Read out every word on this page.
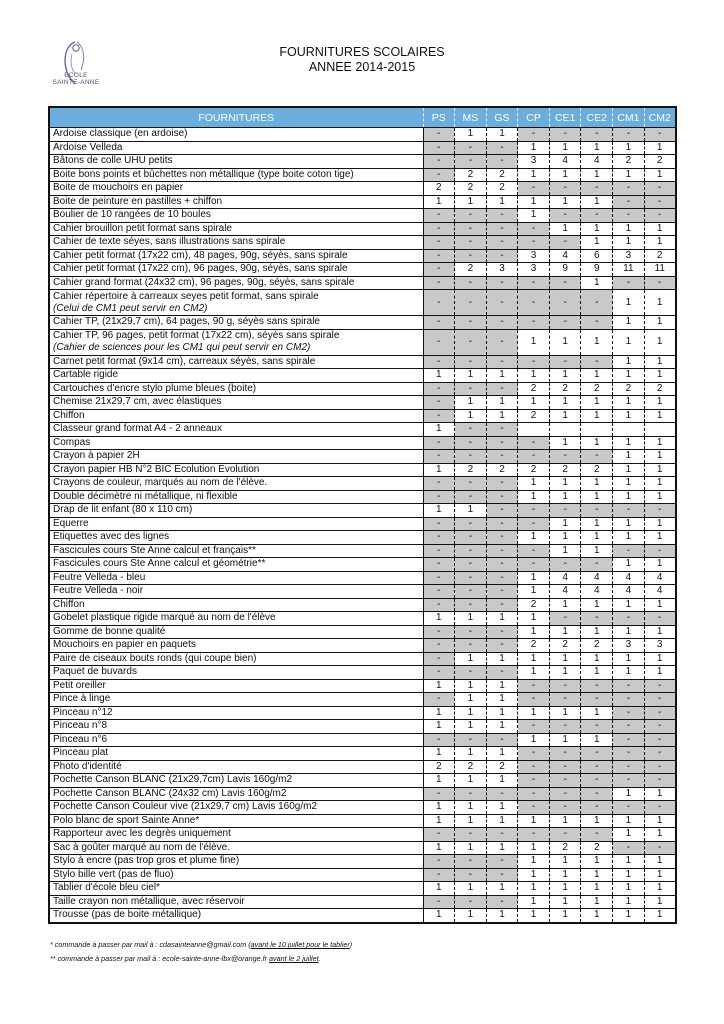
ECOLE
SAINTE-ANNE
FOURNITURES SCOLAIRES
ANNEE 2014-2015
FOURNITURES	PS	MS	GS	CP	CE1	CE2	CM1	CM2

Ardoise classique (en ardoise)	-	1	1	-	-	-	-	-

Ardoise Velleda	-	-	-	1	1	1	1	1

Bâtons de colle UHU petits	-	-	-	3	4	4	2	2

Boite bons points et bûchettes non métallique (type boite coton tige)	-	2	2	1	1	1	1	1

Boite de mouchoirs en papier	2	2	2	-	-	-	-	-

Boite de peinture en pastilles + chiffon	1	1	1	1	1	1	-	-

Boulier de 10 rangées de 10 boules	-	-	-	1	-	-	-	-

Cahier brouillon petit format sans spirale	-	-	-	-	1	1	1	1

Cahier de texte séyes, sans illustrations sans spirale	-	-	-	-	-	1	1	1

Cahier petit format (17x22 cm), 48 pages, 90g, séyès, sans spirale	-	-	-	3	4	6	3	2

Cahier petit format (17x22 cm), 96 pages, 90g, séyès, sans spirale	-	2	3	3	9	9	11	11

Cahier grand format (24x32 cm), 96 pages, 90g, séyès, sans spirale	-	-	-	-	-	1	-	-

Cahier répertoire à carreaux seyes petit format, sans spirale
(Celui de CM1 peut servir en CM2)	-	-	-	-	-	-	1	1

Cahier TP, (21x29,7 cm), 64 pages, 90 g, séyès sans spirale	-	-	-	-	-	-	1	1

Cahier TP, 96 pages, petit format (17x22 cm), séyès sans spirale
(Cahier de sciences pour les CM1 qui peut servir en CM2)	-	-	-	1	1	1	1	1

Carnet petit format (9x14 cm), carreaux séyès, sans spirale	-	-	-	-	-	-	1	1

Cartable rigide	1	1	1	1	1	1	1	1

Cartouches d'encre stylo plume bleues (boite)	-	-	-	2	2	2	2	2

Chemise 21x29,7 cm, avec élastiques	-	1	1	1	1	1	1	1

Chiffon	-	1	1	2	1	1	1	1

Classeur grand format A4 - 2 anneaux	1	-	-					

Compas	-	-	-	-	1	1	1	1

Crayon à papier 2H	-	-	-	-	-	-	1	1

Crayon papier HB N°2 BIC Ecolution Evolution	1	2	2	2	2	2	1	1

Crayons de couleur, marqués au nom de l'élève.	-	-	-	1	1	1	1	1

Double décimètre ni métallique, ni flexible	-	-	-	1	1	1	1	1

Drap de lit enfant (80 x 110 cm)	1	1	-	-	-	-	-	-

Equerre	-	-	-	-	1	1	1	1

Etiquettes avec des lignes	-	-	-	1	1	1	1	1

Fascicules cours Ste Anne calcul et français**	-	-	-	-	1	1	-	-

Fascicules cours Ste Anne calcul et géométrie**	-	-	-	-	-	-	1	1

Feutre Velleda - bleu	-	-	-	1	4	4	4	4

Feutre Velleda - noir	-	-	-	1	4	4	4	4

Chiffon	-	-	-	2	1	1	1	1

Gobelet plastique rigide marqué au nom de l'élève	1	1	1	1	-	-	-	-

Gomme de bonne qualité	-	-	-	1	1	1	1	1

Mouchoirs en papier en paquets	-	-	-	2	2	2	3	3

Paire de ciseaux bouts ronds (qui coupe bien)	-	1	1	1	1	1	1	1

Paquet de buvards	-	-	-	1	1	1	1	1

Petit oreiller	1	1	1	-	-	-	-	-

Pince à linge	-	1	1	-	-	-	-	-

Pinceau n°12	1	1	1	1	1	1	-	-

Pinceau n°8	1	1	1	-	-	-	-	-

Pinceau n°6	-	-	-	1	1	1	-	-

Pinceau plat	1	1	1	-	-	-	-	-

Photo d'identité	2	2	2	-	-	-	-	-

Pochette Canson BLANC (21x29,7cm) Lavis 160g/m2	1	1	1	-	-	-	-	-

Pochette Canson BLANC (24x32 cm) Lavis 160g/m2	-	-	-	-	-	-	1	1

Pochette Canson Couleur vive (21x29,7 cm) Lavis 160g/m2	1	1	1	-	-	-	-	-

Polo blanc de sport Sainte Anne*	1	1	1	1	1	1	1	1

Rapporteur avec les degrès uniquement	-	-	-	-	-	-	1	1

Sac à goûter marqué au nom de l'élève.	1	1	1	1	2	2	-	-

Stylo à encre (pas trop gros et plume fine)	-	-	-	1	1	1	1	1

Stylo bille vert (pas de fluo)	-	-	-	1	1	1	1	1

Tablier d'école bleu ciel*	1	1	1	1	1	1	1	1

Taille crayon non métallique, avec réservoir	-	-	-	1	1	1	1	1

Trousse (pas de boite métallique)	1	1	1	1	1	1	1	1
* commande à passer par mail à : cdasainteanne@gmail.com (avant le 10 juillet pour le tablier)
** commande à passer par mail à : ecole-sainte-anne-lbx@orange.fr avant le 2 juillet.
